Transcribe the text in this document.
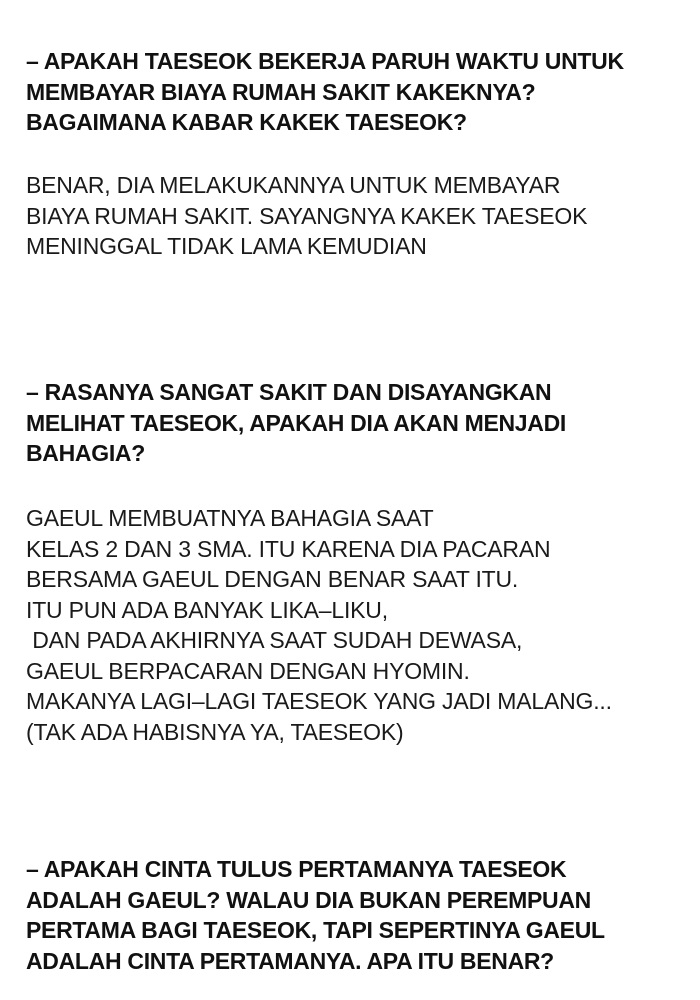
– APAKAH TAESEOK BEKERJA PARUH WAKTU UNTUK
MEMBAYAR BIAYA RUMAH SAKIT KAKEKNYA?
BAGAIMANA KABAR KAKEK TAESEOK?
BENAR, DIA MELAKUKANNYA UNTUK MEMBAYAR
BIAYA RUMAH SAKIT. SAYANGNYA KAKEK TAESEOK
MENINGGAL TIDAK LAMA KEMUDIAN
– RASANYA SANGAT SAKIT DAN DISAYANGKAN
MELIHAT TAESEOK, APAKAH DIA AKAN MENJADI
BAHAGIA?
GAEUL MEMBUATNYA BAHAGIA SAAT
KELAS 2 DAN 3 SMA. ITU KARENA DIA PACARAN
BERSAMA GAEUL DENGAN BENAR SAAT ITU.
ITU PUN ADA BANYAK LIKA–LIKU,
DAN PADA AKHIRNYA SAAT SUDAH DEWASA,
GAEUL BERPACARAN DENGAN HYOMIN.
MAKANYA LAGI–LAGI TAESEOK YANG JADI MALANG...
(TAK ADA HABISNYA YA, TAESEOK)
– APAKAH CINTA TULUS PERTAMANYA TAESEOK
ADALAH GAEUL? WALAU DIA BUKAN PEREMPUAN
PERTAMA BAGI TAESEOK, TAPI SEPERTINYA GAEUL
ADALAH CINTA PERTAMANYA. APA ITU BENAR?
